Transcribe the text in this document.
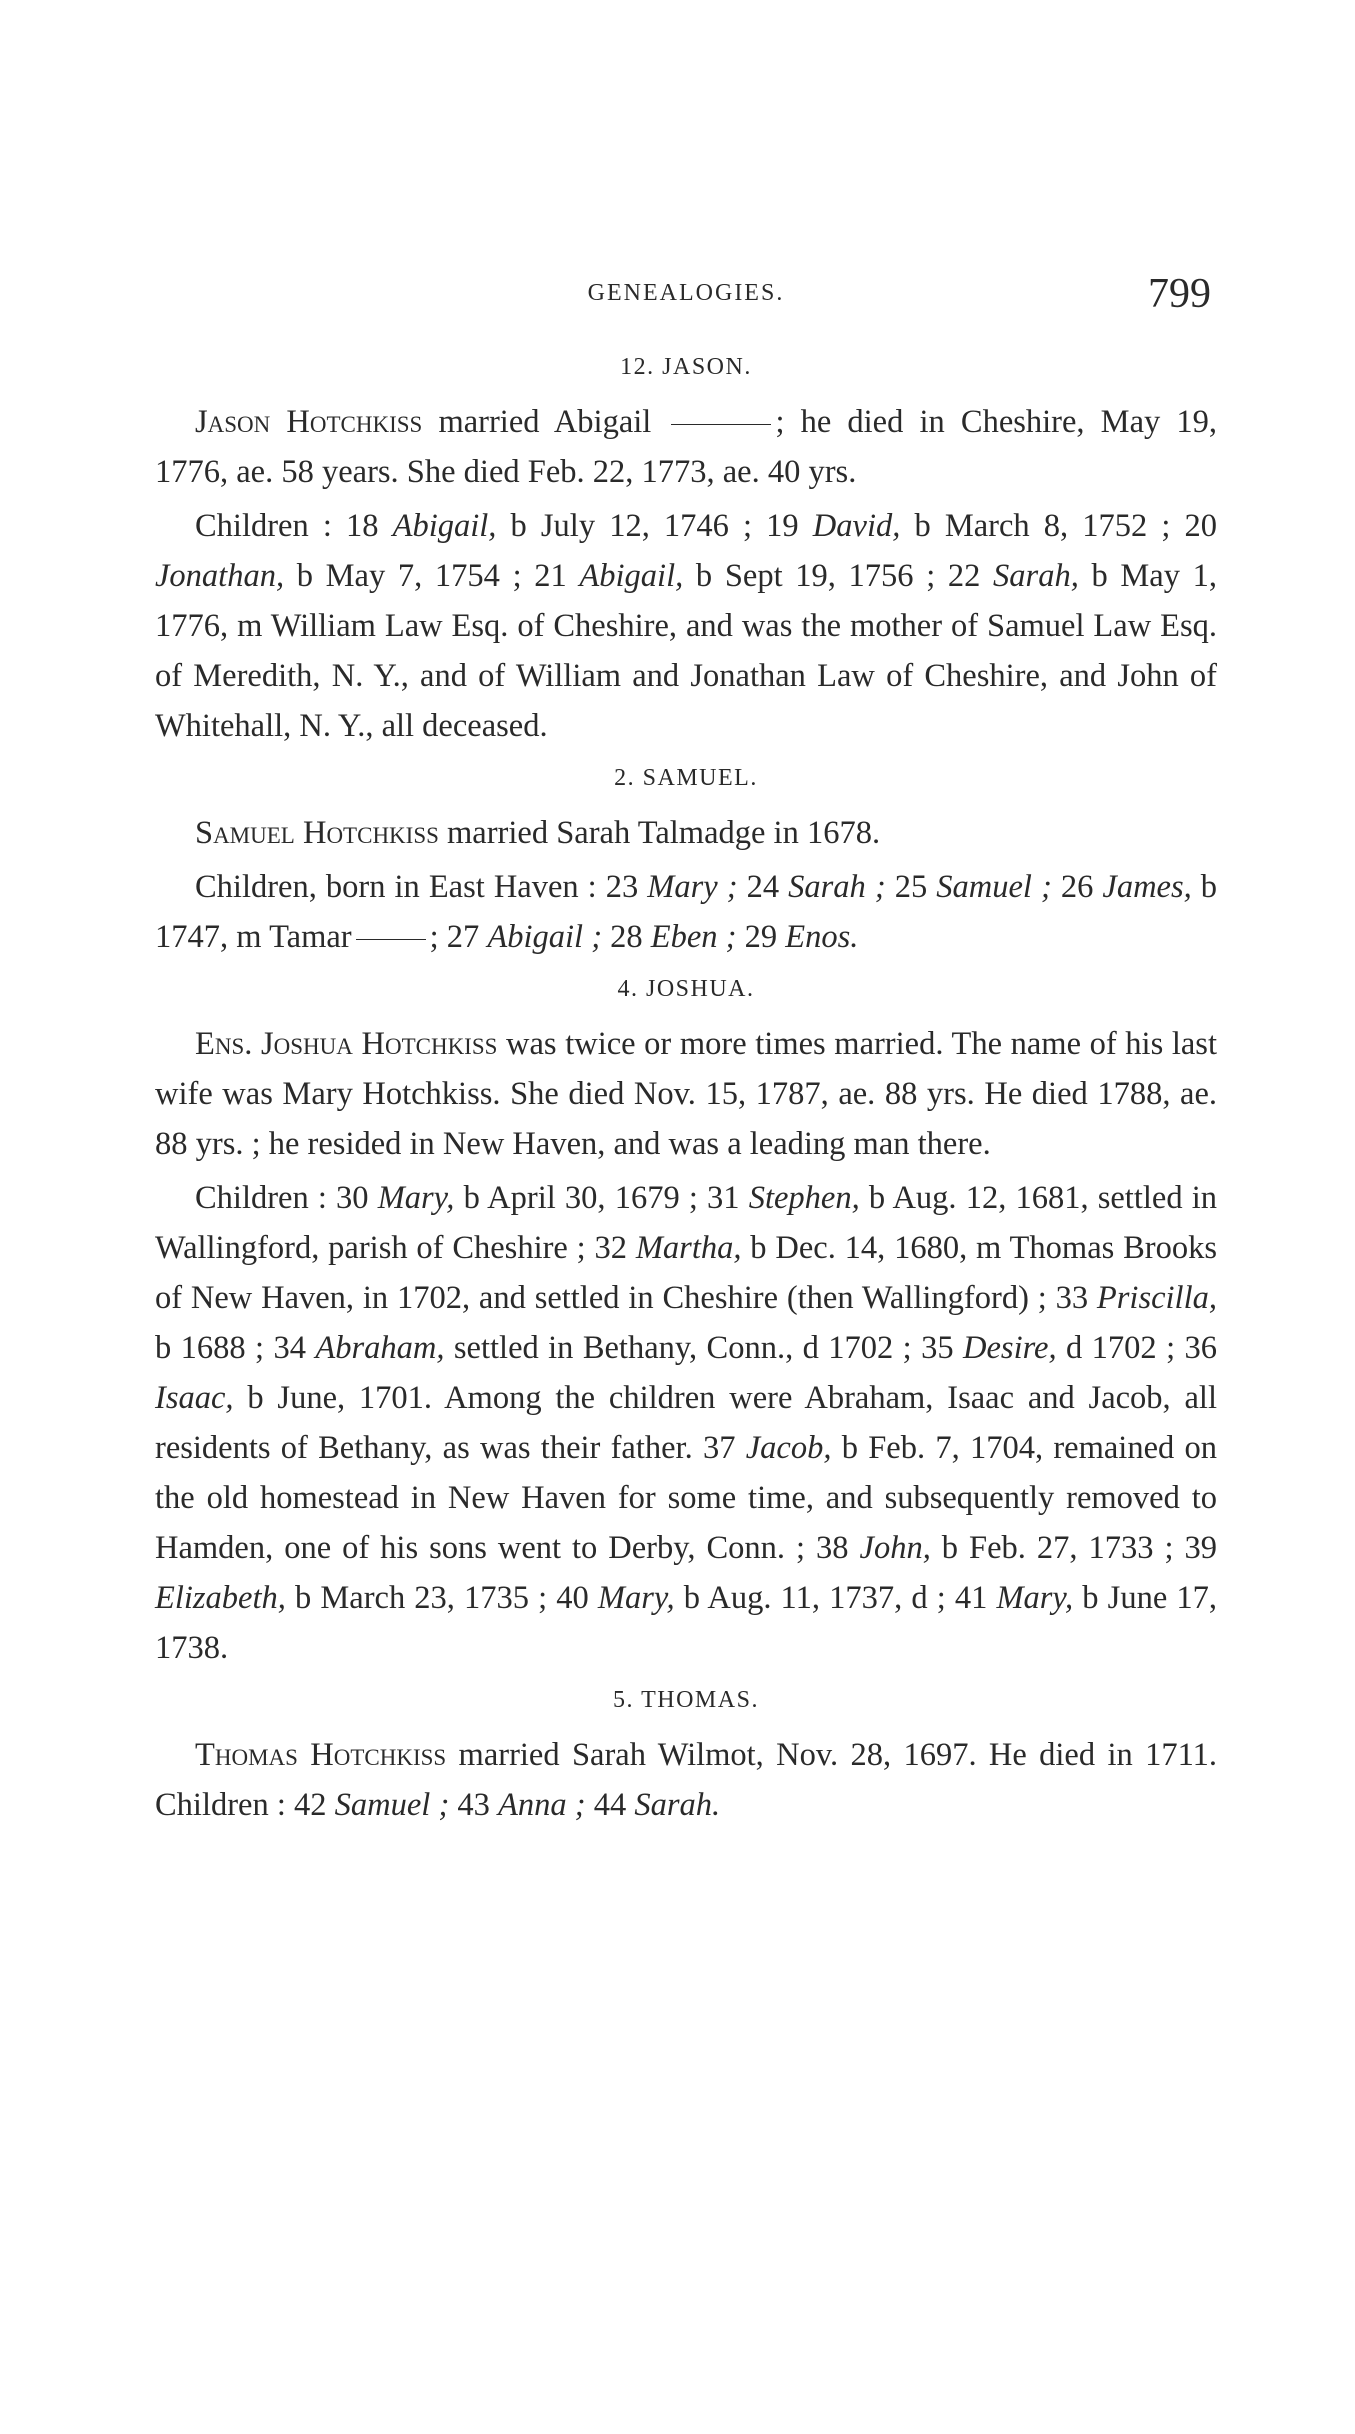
GENEALOGIES.	799
12. JASON.

Jason Hotchkiss married Abigail	; he died in Cheshire, May 19, 1776, ae. 58 years. She died Feb. 22, 1773, ae. 40 yrs.

Children : 18 Abigail, b July 12, 1746 ; 19 David, b March 8, 1752 ; 20 Jonathan, b May 7, 1754 ; 21 Abigail, b Sept 19, 1756 ; 22 Sarah, b May 1, 1776, m William Law Esq. of Cheshire, and was the mother of Samuel Law Esq. of Meredith, N. Y., and of William and Jonathan Law of Cheshire, and John of Whitehall, N. Y., all deceased.

2. SAMUEL.

Samuel Hotchkiss married Sarah Talmadge in 1678.

Children, born in East Haven : 23 Mary ; 24 Sarah ; 25 Samuel ; 26 James, b 1747, m Tamar ; 27 Abigail ; 28 Eben ; 29 Enos.

4. JOSHUA.

Ens. Joshua Hotchkiss was twice or more times married. The name of his last wife was Mary Hotchkiss. She died Nov. 15, 1787, ae. 88 yrs. He died 1788, ae. 88 yrs. ; he resided in New Haven, and was a leading man there.

Children : 30 Mary, b April 30, 1679 ; 31 Stephen, b Aug. 12, 1681, settled in Wallingford, parish of Cheshire ; 32 Martha, b Dec. 14, 1680, m Thomas Brooks of New Haven, in 1702, and settled in Cheshire (then Wallingford) ; 33 Priscilla, b 1688 ; 34 Abraham, settled in Bethany, Conn., d 1702 ; 35 Desire, d 1702 ; 36 Isaac, b June, 1701. Among the children were Abraham, Isaac and Jacob, all residents of Bethany, as was their father. 37 Jacob, b Feb. 7, 1704, remained on the old homestead in New Haven for some time, and subsequently removed to Hamden, one of his sons went to Derby, Conn. ; 38 John, b Feb. 27, 1733 ; 39 Elizabeth, b March 23, 1735 ; 40 Mary, b Aug. 11, 1737, d ; 41 Mary, b June 17, 1738.

5. THOMAS.

Thomas Hotchkiss married Sarah Wilmot, Nov. 28, 1697. He died in 1711. Children : 42 Samuel ; 43 Anna ; 44 Sarah.
